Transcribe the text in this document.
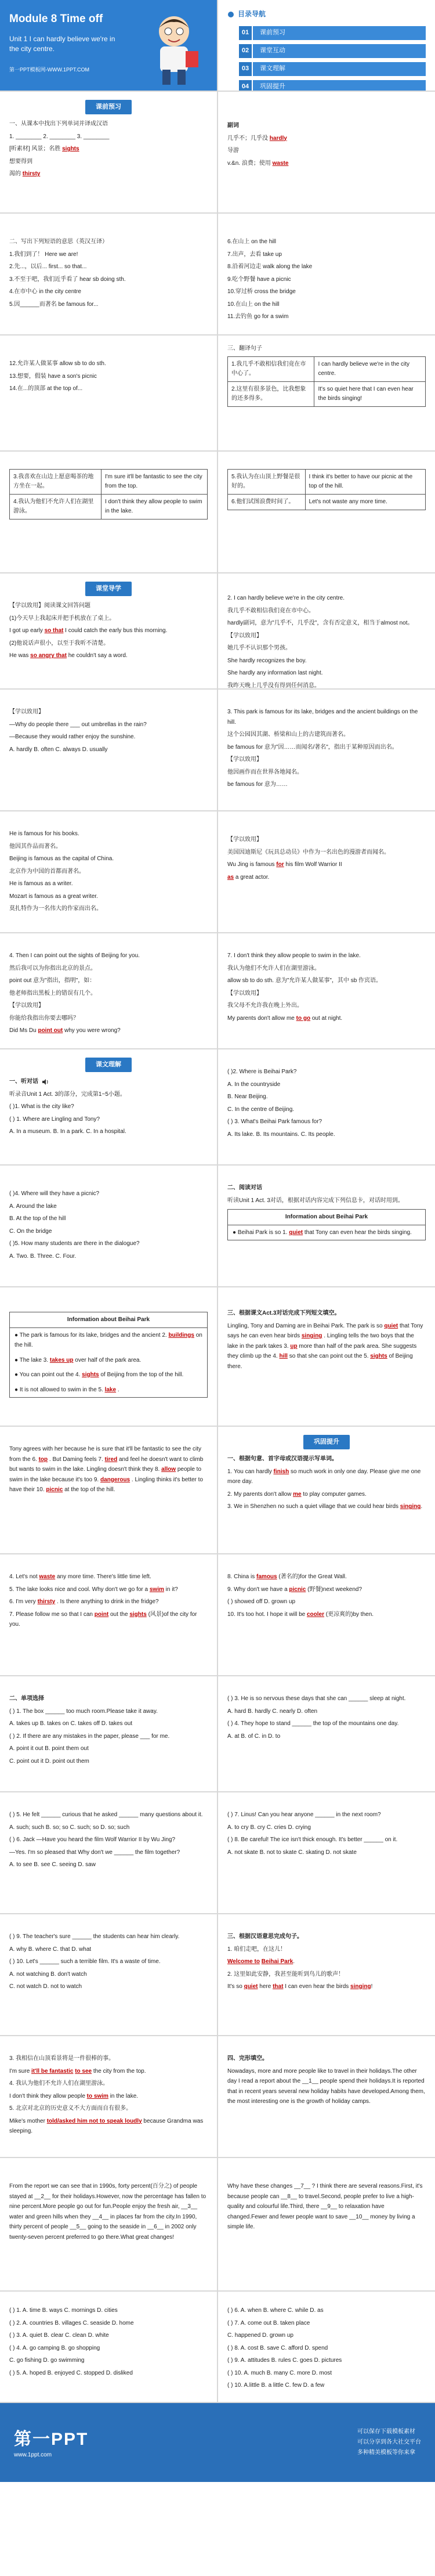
Module 8 Time off
Unit 1 I can hardly believe we're in the city centre.
第一PPT模板网-WWW.1PPT.COM
目录导航
01	课前预习
02	课堂互动
03	课文理解
04	巩固提升
课前预习
一、从课本中找出下列单词并译成汉语
1. ________ 2. ________ 3. ________
[听素材] 风景；名胜 sights
想要得到
渴的 thirsty
副词
几乎不；几乎没 hardly
导游
v.&n. 浪费；使用 waste
二、写出下列短语的意思（英汉互译）
1.我们到了！ Here we are!
2.先...，以后... first... so that...
3.不至于吧，我们近乎看了 hear sb doing sth.
4.在市中心 in the city centre
5.因______而著名 be famous for...
6.在山上 on the hill
7.出声，去看 take up
8.沿着河边走 walk along the lake
9.吃个野餐 have a picnic
10.穿过桥 cross the bridge
10.在山上 on the hill
11.去钓鱼 go for a swim
12.允许某人做某事 allow sb to do sth.
13.想要，假装 have a son's picnic
14.在...的顶部 at the top of...
三、翻译句子
1.我几乎不敢相信我们竟在市中心了。	I can hardly believe we're in the city centre.
2.这里有很多景色，比我想象的还多得多。	It's so quiet here that I can even hear the birds singing!
3.我喜欢在山边上愿意喝茶的地方坐在一起。	I'm sure it'll be fantastic to see the city from the top.
4.我认为他们不允许人们在湖里游泳。	I don't think they allow people to swim in the lake.
5.我认为在山顶上野餐是很好的。	I think it's better to have our picnic at the top of the hill.
6.他们试图浪费时间了。	Let's not waste any more time.
课堂导学
【学以致用】阅读课文回答问题
(1)今天早上我起床并把手机放在了桌上。
I got up early so that I could catch the early bus this morning.
(2)他说话声很小，以至于我听不清楚。
He was so angry that he couldn't say a word.
2. I can hardly believe we're in the city centre.
我几乎不敢相信我们竟在市中心。
hardly副词，意为"几乎不，几乎没"，含有否定意义，相当于almost not。
【学以致用】
她几乎不认识那个男孩。
She hardly recognizes the boy.
She hardly any information last night.
我昨天晚上几乎没有得到任何消息。
【学以致用】
—Why do people there ___ out umbrellas in the rain?
—Because they would rather enjoy the sunshine.
A. hardly B. often C. always D. usually
3. This park is famous for its lake, bridges and the ancient buildings on the hill.
这个公园因其湖、桥梁和山上的古建筑而著名。
be famous for 意为"因……而闻名/著名"，指出于某种原因而出名。
【学以致用】
他因画作而在世界各地闻名。
be famous for 意为……
He is famous for his books.
他因其作品而著名。
Beijing is famous as the capital of China.
北京作为中国的首都而著名。
He is famous as a writer.
Mozart is famous as a great writer.
莫扎特作为一名伟大的作家而出名。
【学以致用】
美国因迪斯尼《玩具总动员》中作为一名出色的漫游者而闻名。
Wu Jing is famous for his film Wolf Warrior II
as a great actor.
4. Then I can point out the sights of Beijing for you.
然后我可以为你指出北京的景点。
point out 意为"指出，指明"，如：
他老师指出黑板上的错误有几个。
【学以致用】
你能给我指出你要去哪吗？
Did Ms Du point out why you were wrong?
7. I don't think they allow people to swim in the lake.
我认为他们不允许人们在湖里游泳。
allow sb to do sth. 意为"允许某人做某事"，其中 sb 作宾语。
【学以致用】
我父母不允许我在晚上外出。
My parents don't allow me to go out at night.
课文理解
一、听对话
听录音Unit 1 Act. 3的部分，完成第1~5小题。
( )1. What is the city like?
( ) 1. Where are Lingling and Tony?
A. In a museum. B. In a park. C. In a hospital.
( )2. Where is Beihai Park?
A. In the countryside
B. Near Beijing.
C. In the centre of Beijing.
( ) 3. What's Beihai Park famous for?
A. Its lake. B. Its mountains. C. Its people.
( )4. Where will they have a picnic?
A. Around the lake
B. At the top of the hill
C. On the bridge
( )5. How many students are there in the dialogue?
A. Two. B. Three. C. Four.
二、阅读对话
听读Unit 1 Act. 3对话，根据对话内容完成下列信息卡，对话时用到。
Information about Beihai Park
● Beihai Park is so 1. quiet that Tony can even hear the birds singing.
Information about Beihai Park
● The park is famous for its lake, bridges and the ancient 2. buildings on the hill.
● The lake 3. takes up over half of the park area.
● You can point out the 4. sights of Beijing from the top of the hill.
● It is not allowed to swim in the 5. lake .
三、根据课文Act.3对话完成下列短文填空。
Lingling, Tony and Daming are in Beihai Park. The park is so quiet that Tony says he can even hear birds singing . Lingling tells the two boys that the lake in the park takes 3. up more than half of the park area. She suggests they climb up the 4. hill so that she can point out the 5. sights of Beijing there.
Tony agrees with her because he is sure that it'll be fantastic to see the city from the 6. top . But Daming feels 7. tired and feel he doesn't want to climb but wants to swim in the lake. Lingling doesn't think they 8. allow people to swim in the lake because it's too 9. dangerous . Lingling thinks it's better to have their 10. picnic at the top of the hill.
巩固提升
一、根据句意、首字母或汉语提示写单词。
1. You can hardly finish so much work in only one day. Please give me one more day.
2. My parents don't allow me to play computer games.
3. We in Shenzhen no such a quiet village that we could hear birds singing.
4. Let's not waste any more time. There's little time left.
5. The lake looks nice and cool. Why don't we go for a swim in it?
6. I'm very thirsty . Is there anything to drink in the fridge?
7. Please follow me so that I can point out the sights (风景)of the city for you.
8. China is famous (著名的)for the Great Wall.
9. Why don't we have a picnic (野餐)next weekend?
( ) showed off D. grown up
10. It's too hot. I hope it will be cooler (更凉爽的)by then.
二、单项选择
( ) 1. The box ______ too much room.Please take it away.
A. takes up B. takes on C. takes off D. takes out
( ) 2. If there are any mistakes in the paper, please ___ for me.
A. point it out B. point them out
C. point out it D. point out them
( ) 3. He is so nervous these days that she can ______ sleep at night.
A. hard B. hardly C. nearly D. often
( ) 4. They hope to stand ______ the top of the mountains one day.
A. at B. of C. in D. to
( ) 5. He felt ______ curious that he asked ______ many questions about it.
A. such; such B. so; so C. such; so D. so; such
( ) 6. Jack —Have you heard the film Wolf Warrior II by Wu Jing?
—Yes. I'm so pleased that Why don't we ______ the film together?
A. to see B. see C. seeing D. saw
( ) 7. Linus! Can you hear anyone ______ in the next room?
A. to cry B. cry C. cries D. crying
( ) 8. Be careful! The ice isn't thick enough. It's better ______ on it.
A. not skate B. not to skate C. skating D. not skate
( ) 9. The teacher's sure ______ the students can hear him clearly.
A. why B. where C. that D. what
( ) 10. Let's ______ such a terrible film. It's a waste of time.
A. not watching B. don't watch
C. not watch D. not to watch
三、根据汉语意思完成句子。
1. 咱们走吧，在这儿！
Welcome to Beihai Park.
2. 这里如此安静，我甚至能听到鸟儿的歌声！
It's so quiet here that I can even hear the birds singing!
3. 我相信在山顶看景将是一件很棒的事。
I'm sure it'll be fantastic to see the city from the top.
4. 我认为他们不允许人们在湖里游泳。
I don't think they allow people to swim in the lake.
5. 北京对北京的历史意义不大方面而自有很多。
Mike's mother told/asked him not to speak loudly because Grandma was sleeping.
四、完形填空。
Nowadays, more and more people like to travel in their holidays.The other day I read a report about the __1__ people spend their holidays.It is reported that in recent years several new holiday habits have developed.Among them, the most interesting one is the growth of holiday camps.
From the report we can see that in 1990s, forty percent(百分之) of people stayed at __2__ for their holidays.However, now the percentage has fallen to nine percent.More people go out for fun.People enjoy the fresh air, __3__ water and green hills when they __4__ in places far from the city.In 1990, thirty percent of people __5__ going to the seaside in __6__ in 2002 only twenty-seven percent preferred to go there.What great changes!
Why have these changes __7__ ? I think there are several reasons.First, it's because people can __8__ to travel.Second, people prefer to live a high-quality and colourful life.Third, there __9__ to relaxation have changed.Fewer and fewer people want to save __10__ money by living a simple life.
( ) 1. A. time B. ways C. mornings D. cities
( ) 2. A. countries B. villages C. seaside D. home
( ) 3. A. quiet B. clear C. clean D. white
( ) 4. A. go camping B. go shopping
C. go fishing D. go swimming
( ) 5. A. hoped B. enjoyed C. stopped D. disliked
( ) 6. A. when B. where C. while D. as
( ) 7. A. come out B. taken place
C. happened D. grown up
( ) 8. A. cost B. save C. afford D. spend
( ) 9. A. attitudes B. rules C. goes D. pictures
( ) 10. A. much B. many C. more D. most
( ) 10. A.little B. a little C. few D. a few
第一PPT
www.1ppt.com
可以保存下载模板素材
可以分享到各大社交平台
多种精美模板等你来拿
